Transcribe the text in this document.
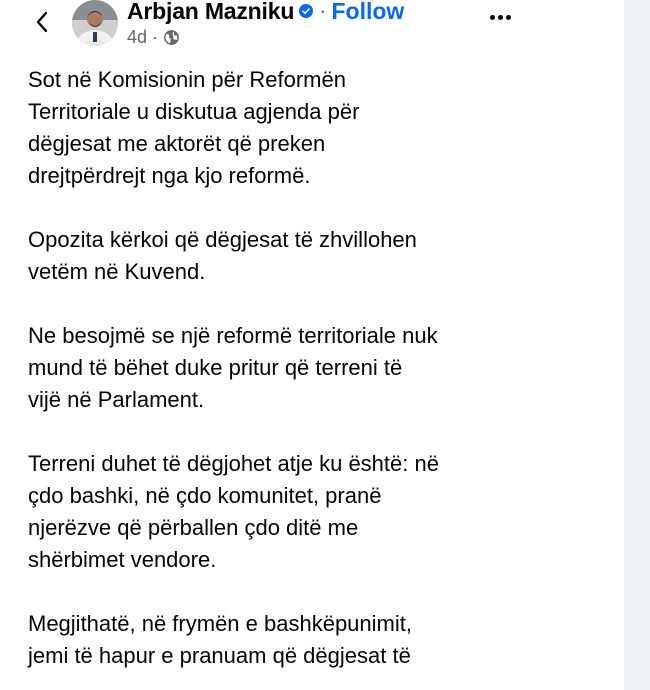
Arbjan Mazniku · Follow
4d ·

Sot në Komisionin për Reformën
Territoriale u diskutua agjenda për
dëgjesat me aktorët që preken
drejtpërdrejt nga kjo reformë.

Opozita kërkoi që dëgjesat të zhvillohen
vetëm në Kuvend.

Ne besojmë se një reformë territoriale nuk
mund të bëhet duke pritur që terreni të
vijë në Parlament.

Terreni duhet të dëgjohet atje ku është: në
çdo bashki, në çdo komunitet, pranë
njerëzve që përballen çdo ditë me
shërbimet vendore.

Megjithatë, në frymën e bashkëpunimit,
jemi të hapur e pranuam që dëgjesat të
